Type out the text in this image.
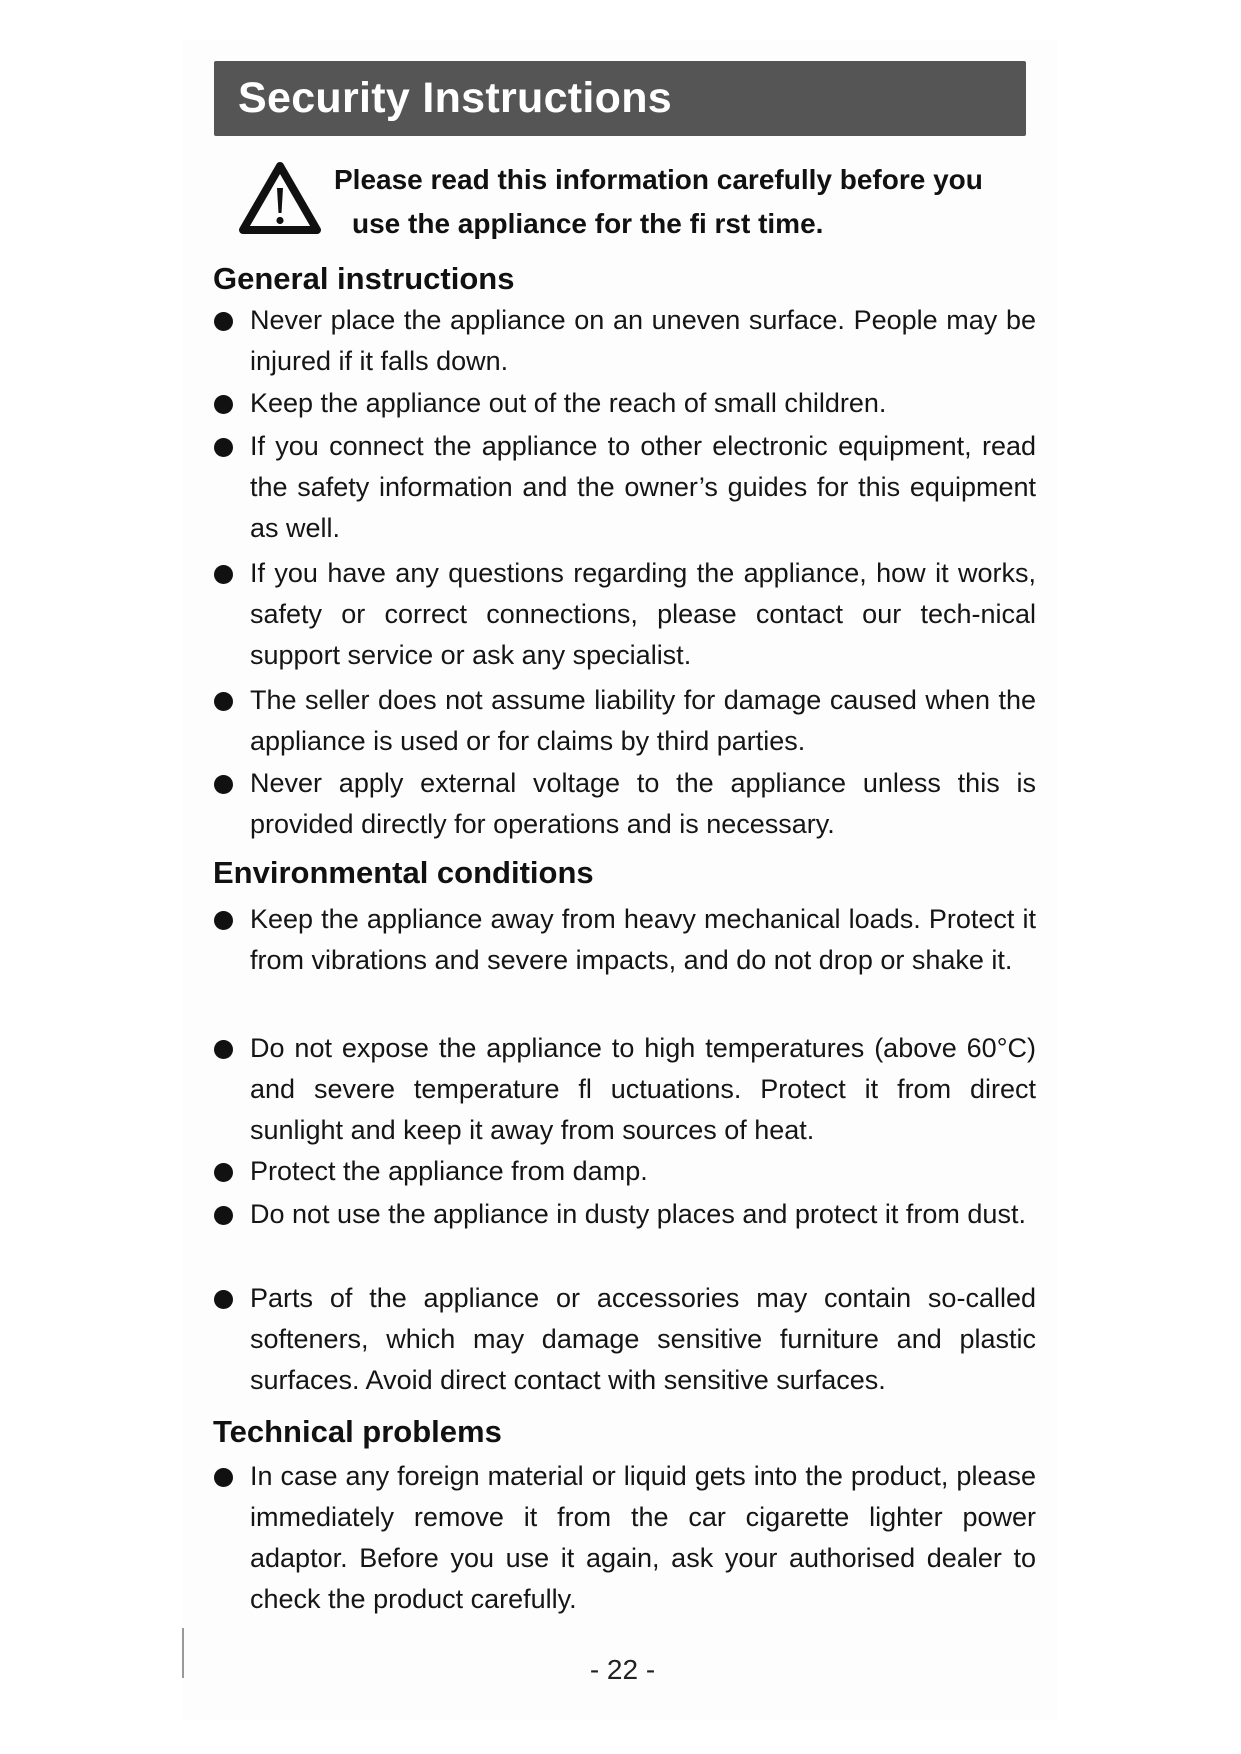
Security Instructions
Please read this information carefully before you
use the appliance for the fi rst time.
General instructions
Never place the appliance on an uneven surface. People may be injured if it falls down.
Keep the appliance out of the reach of small children.
If you connect the appliance to other electronic equipment, read the safety information and the owner’s guides for this equipment as well.
If you have any questions regarding the appliance, how it works, safety or correct connections, please contact our tech-nical support service or ask any specialist.
The seller does not assume liability for damage caused when the appliance is used or for claims by third parties.
Never apply external voltage to the appliance unless this is provided directly for operations and is necessary.
Environmental conditions
Keep the appliance away from heavy mechanical loads. Protect it from vibrations and severe impacts, and do not drop or shake it.
Do not expose the appliance to high temperatures (above 60°C) and severe temperature fl uctuations. Protect it from direct sunlight and keep it away from sources of heat.
Protect the appliance from damp.
Do not use the appliance in dusty places and protect it from dust.
Parts of the appliance or accessories may contain so-called softeners, which may damage sensitive furniture and plastic surfaces. Avoid direct contact with sensitive surfaces.
Technical problems
In case any foreign material or liquid gets into the product, please immediately remove it from the car cigarette lighter power adaptor. Before you use it again, ask your authorised dealer to check the product carefully.
- 22 -
